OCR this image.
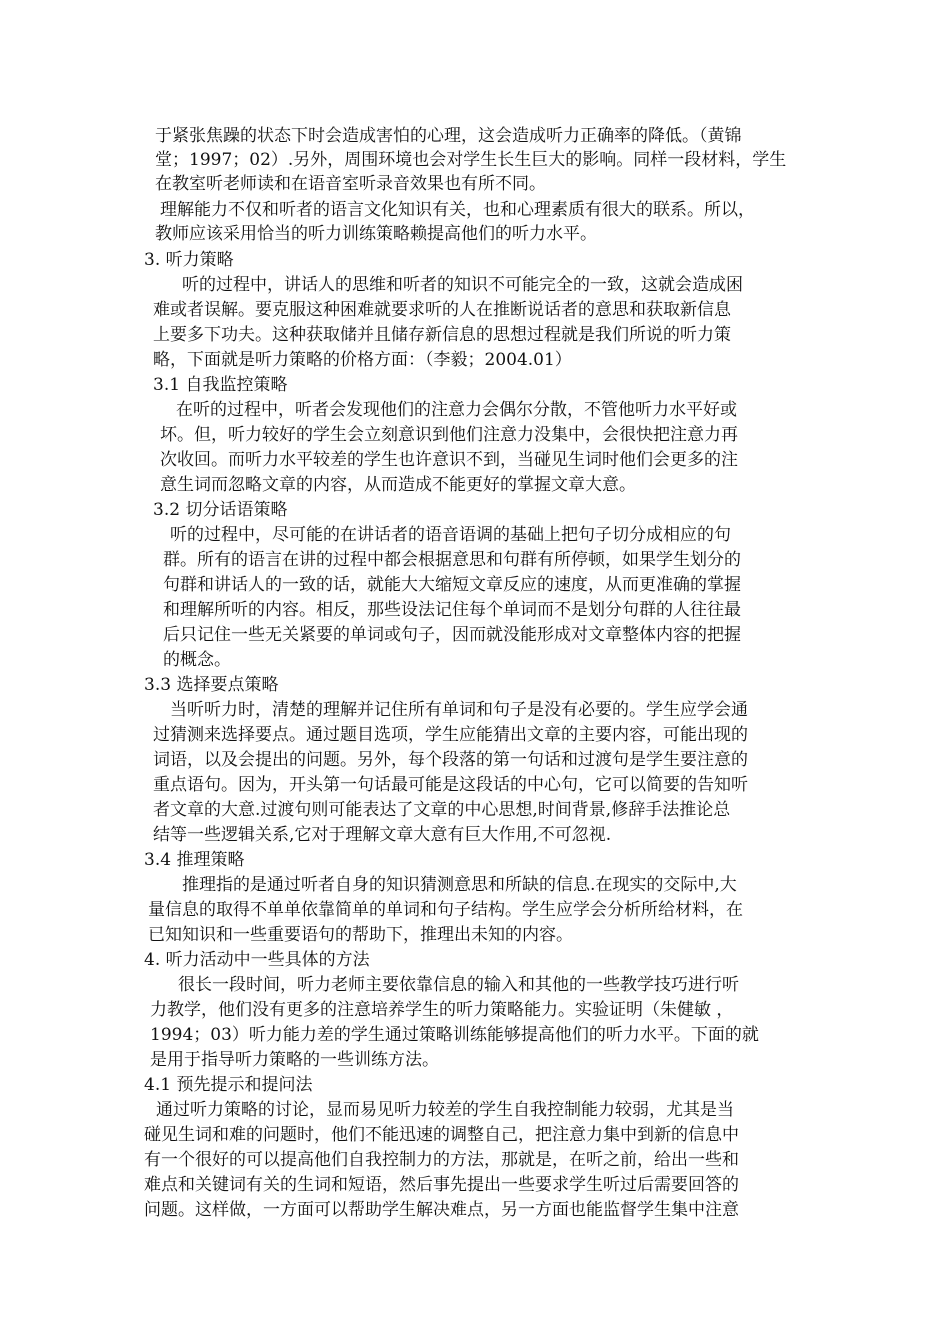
于紧张焦躁的状态下时会造成害怕的心理，这会造成听力正确率的降低。（黄锦
堂；1997；02）.另外，周围环境也会对学生长生巨大的影响。同样一段材料，学生
在教室听老师读和在语音室听录音效果也有所不同。
理解能力不仅和听者的语言文化知识有关，也和心理素质有很大的联系。所以，
教师应该采用恰当的听力训练策略赖提高他们的听力水平。
3. 听力策略
听的过程中，讲话人的思维和听者的知识不可能完全的一致，这就会造成困
难或者误解。要克服这种困难就要求听的人在推断说话者的意思和获取新信息
上要多下功夫。这种获取储并且储存新信息的思想过程就是我们所说的听力策
略，下面就是听力策略的价格方面：（李毅；2004.01）
3.1 自我监控策略
在听的过程中，听者会发现他们的注意力会偶尔分散，不管他听力水平好或
坏。但，听力较好的学生会立刻意识到他们注意力没集中，会很快把注意力再
次收回。而听力水平较差的学生也许意识不到，当碰见生词时他们会更多的注
意生词而忽略文章的内容，从而造成不能更好的掌握文章大意。
3.2 切分话语策略
听的过程中，尽可能的在讲话者的语音语调的基础上把句子切分成相应的句
群。所有的语言在讲的过程中都会根据意思和句群有所停顿，如果学生划分的
句群和讲话人的一致的话，就能大大缩短文章反应的速度，从而更准确的掌握
和理解所听的内容。相反，那些设法记住每个单词而不是划分句群的人往往最
后只记住一些无关紧要的单词或句子，因而就没能形成对文章整体内容的把握
的概念。
3.3 选择要点策略
当听听力时，清楚的理解并记住所有单词和句子是没有必要的。学生应学会通
过猜测来选择要点。通过题目选项，学生应能猜出文章的主要内容，可能出现的
词语，以及会提出的问题。另外，每个段落的第一句话和过渡句是学生要注意的
重点语句。因为，开头第一句话最可能是这段话的中心句，它可以简要的告知听
者文章的大意.过渡句则可能表达了文章的中心思想,时间背景,修辞手法推论总
结等一些逻辑关系,它对于理解文章大意有巨大作用,不可忽视.
3.4 推理策略
推理指的是通过听者自身的知识猜测意思和所缺的信息.在现实的交际中,大
量信息的取得不单单依靠简单的单词和句子结构。学生应学会分析所给材料，在
已知知识和一些重要语句的帮助下，推理出未知的内容。
4. 听力活动中一些具体的方法
很长一段时间，听力老师主要依靠信息的输入和其他的一些教学技巧进行听
力教学，他们没有更多的注意培养学生的听力策略能力。实验证明（朱健敏 ，
1994；03）听力能力差的学生通过策略训练能够提高他们的听力水平。下面的就
是用于指导听力策略的一些训练方法。
4.1 预先提示和提问法
通过听力策略的讨论，显而易见听力较差的学生自我控制能力较弱，尤其是当
碰见生词和难的问题时，他们不能迅速的调整自己，把注意力集中到新的信息中
有一个很好的可以提高他们自我控制力的方法，那就是，在听之前，给出一些和
难点和关键词有关的生词和短语，然后事先提出一些要求学生听过后需要回答的
问题。这样做，一方面可以帮助学生解决难点，另一方面也能监督学生集中注意
